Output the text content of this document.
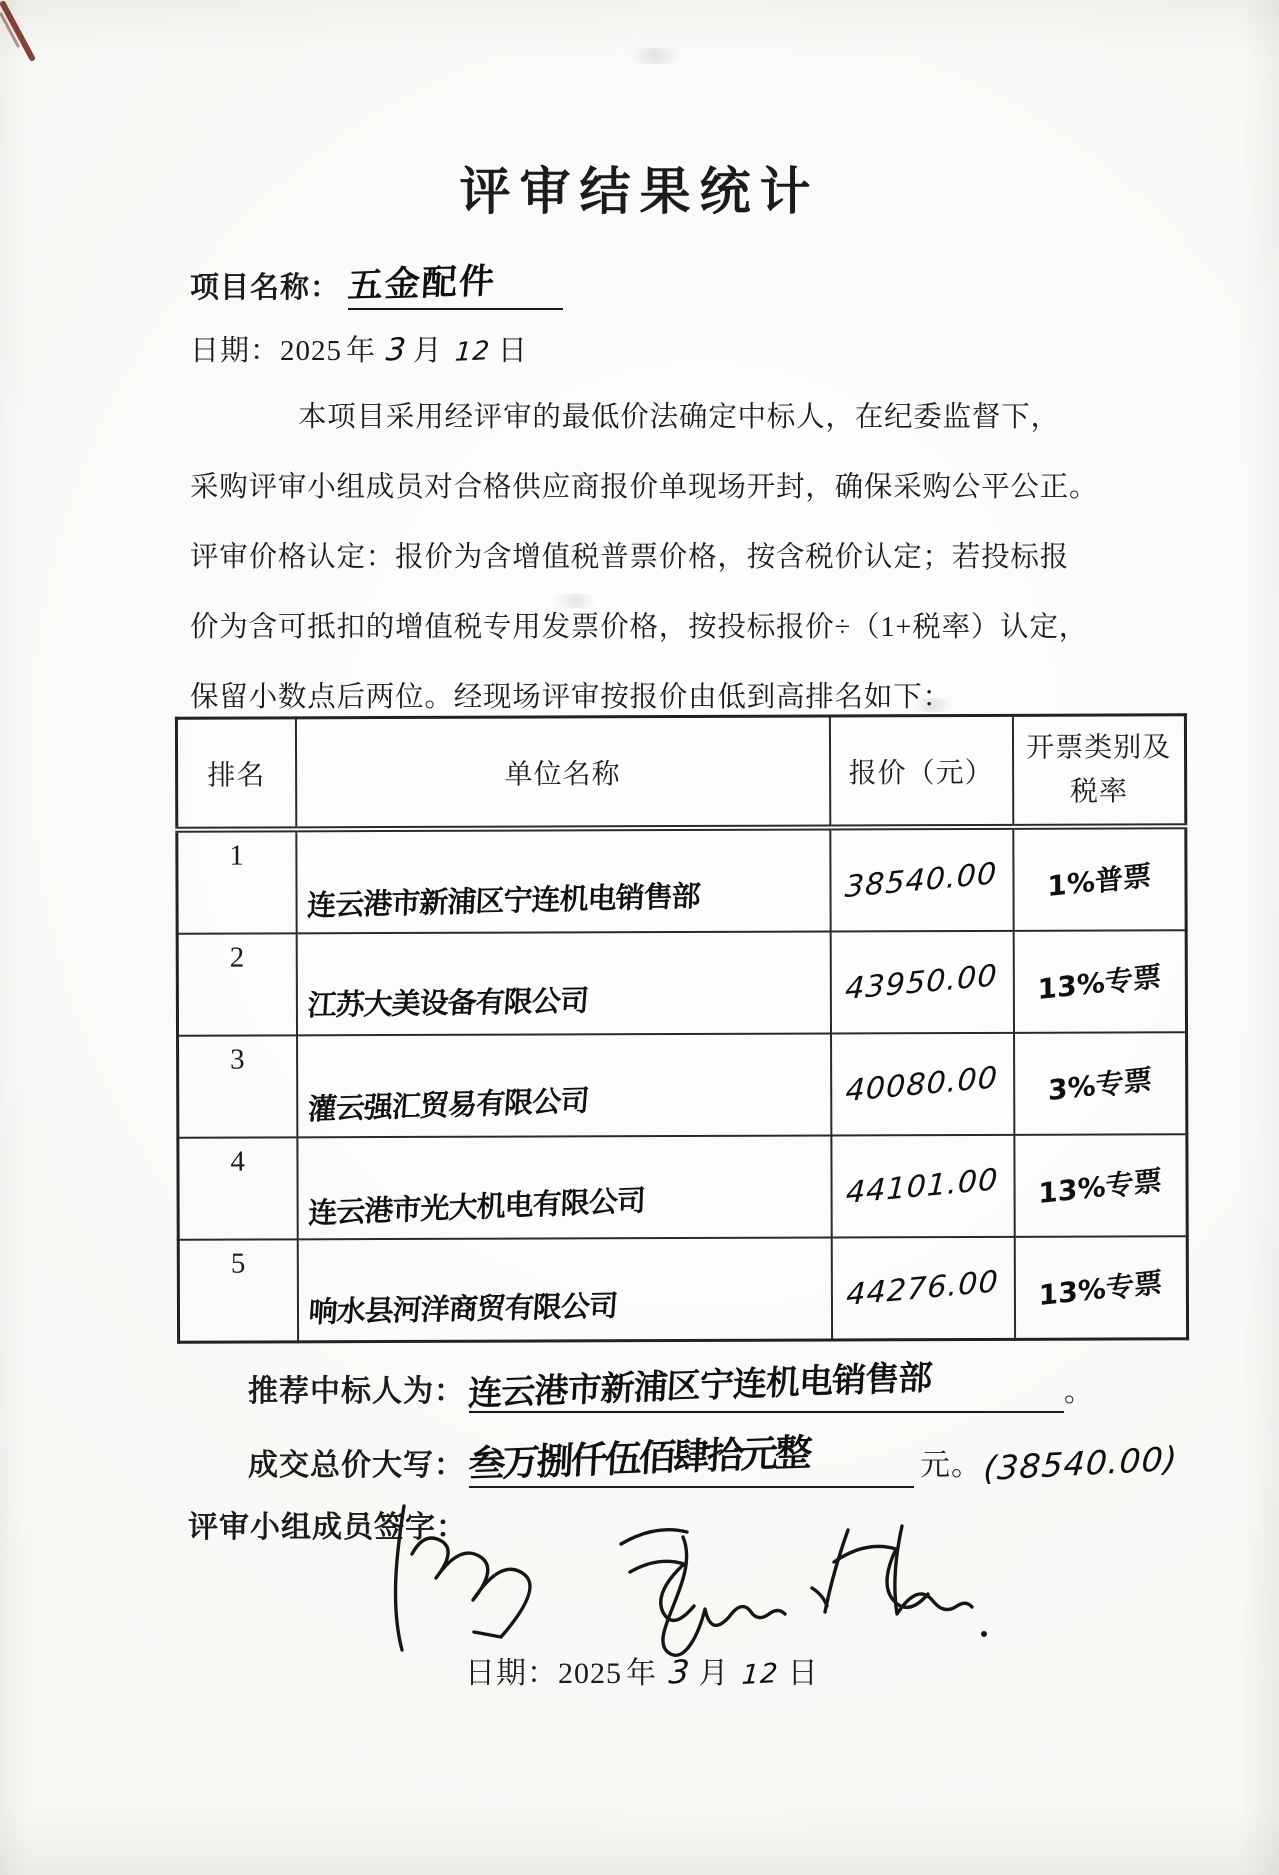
评审结果统计
项目名称： 五金配件
日期：2025 年 3 月 12 日
本项目采用经评审的最低价法确定中标人，在纪委监督下，
采购评审小组成员对合格供应商报价单现场开封，确保采购公平公正。
评审价格认定：报价为含增值税普票价格，按含税价认定；若投标报
价为含可抵扣的增值税专用发票价格，按投标报价÷（1+税率）认定，
保留小数点后两位。经现场评审按报价由低到高排名如下：
排名	单位名称	报价（元）	开票类别及税率
1	连云港市新浦区宁连机电销售部	38540.00	1%普票
2	江苏大美设备有限公司	43950.00	13%专票
3	灌云强汇贸易有限公司	40080.00	3%专票
4	连云港市光大机电有限公司	44101.00	13%专票
5	响水县河洋商贸有限公司	44276.00	13%专票
推荐中标人为：连云港市新浦区宁连机电销售部	。
成交总价大写：叁万捌仟伍佰肆拾元整	元。(38540.00)
评审小组成员签字：
日期：2025 年 3 月 12 日
